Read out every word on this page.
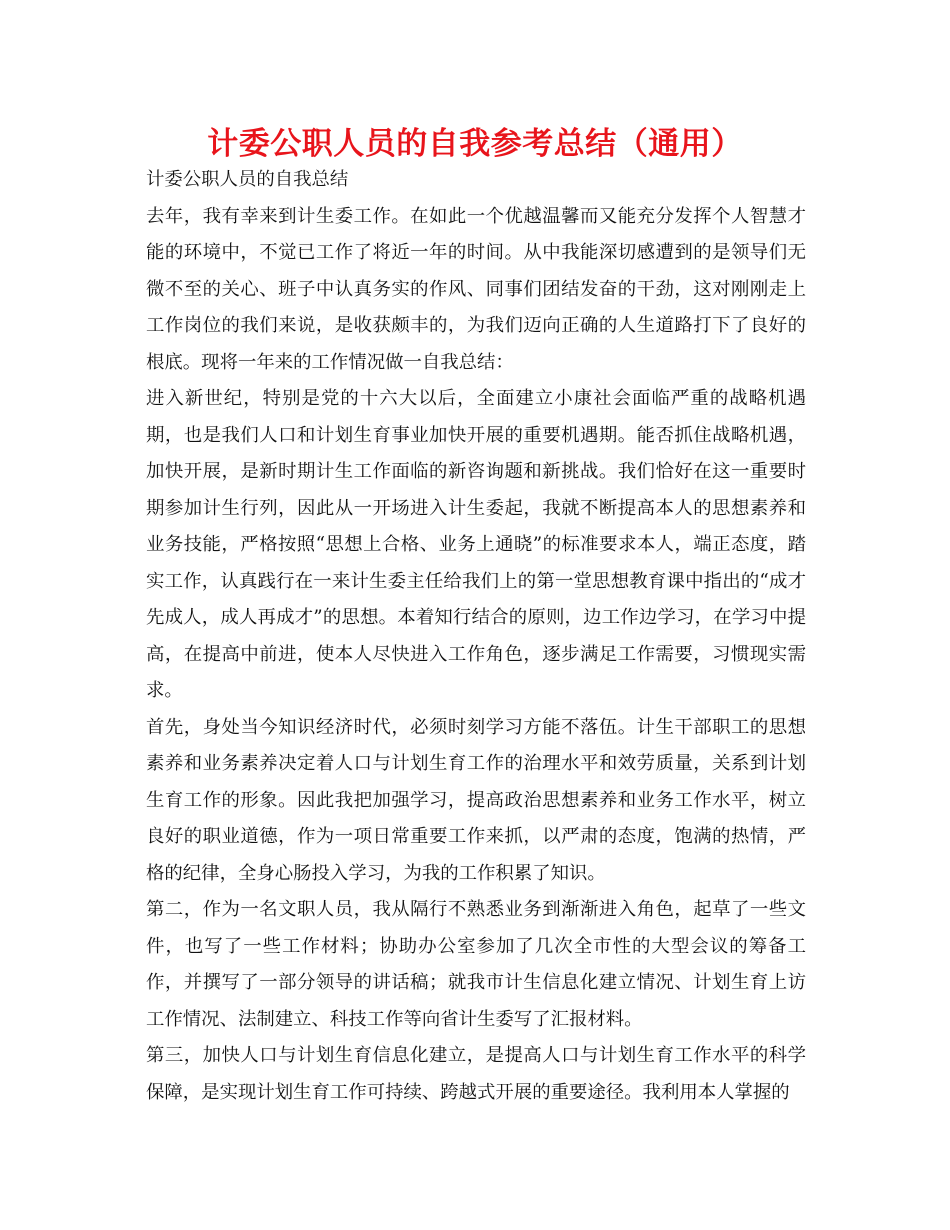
计委公职人员的自我参考总结（通用）

计委公职人员的自我总结

去年，我有幸来到计生委工作。在如此一个优越温馨而又能充分发挥个人智慧才能的环境中，不觉已工作了将近一年的时间。从中我能深切感遭到的是领导们无微不至的关心、班子中认真务实的作风、同事们团结发奋的干劲，这对刚刚走上工作岗位的我们来说，是收获颇丰的，为我们迈向正确的人生道路打下了良好的根底。现将一年来的工作情况做一自我总结：

进入新世纪，特别是党的十六大以后，全面建立小康社会面临严重的战略机遇期，也是我们人口和计划生育事业加快开展的重要机遇期。能否抓住战略机遇，加快开展，是新时期计生工作面临的新咨询题和新挑战。我们恰好在这一重要时期参加计生行列，因此从一开场进入计生委起，我就不断提高本人的思想素养和业务技能，严格按照“思想上合格、业务上通晓”的标准要求本人，端正态度，踏实工作，认真践行在一来计生委主任给我们上的第一堂思想教育课中指出的“成才先成人，成人再成才”的思想。本着知行结合的原则，边工作边学习，在学习中提高，在提高中前进，使本人尽快进入工作角色，逐步满足工作需要，习惯现实需求。

首先，身处当今知识经济时代，必须时刻学习方能不落伍。计生干部职工的思想素养和业务素养决定着人口与计划生育工作的治理水平和效劳质量，关系到计划生育工作的形象。因此我把加强学习，提高政治思想素养和业务工作水平，树立良好的职业道德，作为一项日常重要工作来抓，以严肃的态度，饱满的热情，严格的纪律，全身心肠投入学习，为我的工作积累了知识。

第二，作为一名文职人员，我从隔行不熟悉业务到渐渐进入角色，起草了一些文件，也写了一些工作材料；协助办公室参加了几次全市性的大型会议的筹备工作，并撰写了一部分领导的讲话稿；就我市计生信息化建立情况、计划生育上访工作情况、法制建立、科技工作等向省计生委写了汇报材料。

第三，加快人口与计划生育信息化建立，是提高人口与计划生育工作水平的科学保障，是实现计划生育工作可持续、跨越式开展的重要途径。我利用本人掌握的
